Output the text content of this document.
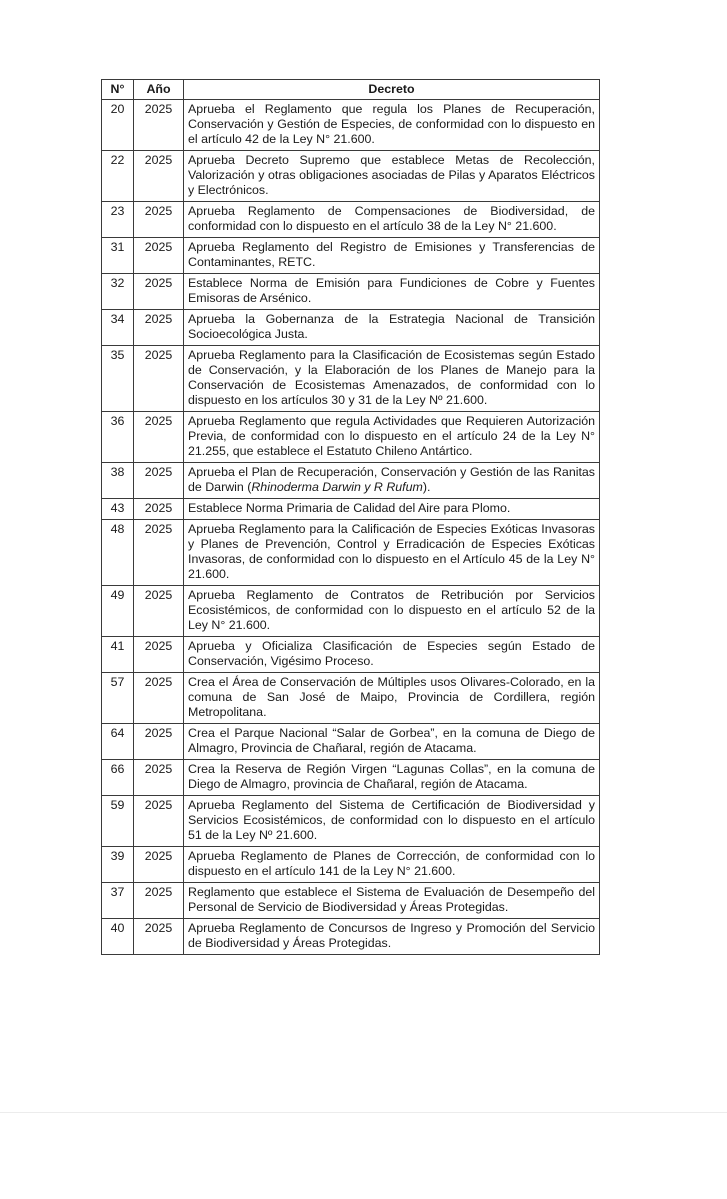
N°	Año	Decreto
20	2025	Aprueba el Reglamento que regula los Planes de Recuperación, Conservación y Gestión de Especies, de conformidad con lo dispuesto en el artículo 42 de la Ley N° 21.600.
22	2025	Aprueba Decreto Supremo que establece Metas de Recolección, Valorización y otras obligaciones asociadas de Pilas y Aparatos Eléctricos y Electrónicos.
23	2025	Aprueba Reglamento de Compensaciones de Biodiversidad, de conformidad con lo dispuesto en el artículo 38 de la Ley N° 21.600.
31	2025	Aprueba Reglamento del Registro de Emisiones y Transferencias de Contaminantes, RETC.
32	2025	Establece Norma de Emisión para Fundiciones de Cobre y Fuentes Emisoras de Arsénico.
34	2025	Aprueba la Gobernanza de la Estrategia Nacional de Transición Socioecológica Justa.
35	2025	Aprueba Reglamento para la Clasificación de Ecosistemas según Estado de Conservación, y la Elaboración de los Planes de Manejo para la Conservación de Ecosistemas Amenazados, de conformidad con lo dispuesto en los artículos 30 y 31 de la Ley Nº 21.600.
36	2025	Aprueba Reglamento que regula Actividades que Requieren Autorización Previa, de conformidad con lo dispuesto en el artículo 24 de la Ley N° 21.255, que establece el Estatuto Chileno Antártico.
38	2025	Aprueba el Plan de Recuperación, Conservación y Gestión de las Ranitas de Darwin (Rhinoderma Darwin y R Rufum).
43	2025	Establece Norma Primaria de Calidad del Aire para Plomo.
48	2025	Aprueba Reglamento para la Calificación de Especies Exóticas Invasoras y Planes de Prevención, Control y Erradicación de Especies Exóticas Invasoras, de conformidad con lo dispuesto en el Artículo 45 de la Ley N° 21.600.
49	2025	Aprueba Reglamento de Contratos de Retribución por Servicios Ecosistémicos, de conformidad con lo dispuesto en el artículo 52 de la Ley N° 21.600.
41	2025	Aprueba y Oficializa Clasificación de Especies según Estado de Conservación, Vigésimo Proceso.
57	2025	Crea el Área de Conservación de Múltiples usos Olivares-Colorado, en la comuna de San José de Maipo, Provincia de Cordillera, región Metropolitana.
64	2025	Crea el Parque Nacional “Salar de Gorbea”, en la comuna de Diego de Almagro, Provincia de Chañaral, región de Atacama.
66	2025	Crea la Reserva de Región Virgen “Lagunas Collas”, en la comuna de Diego de Almagro, provincia de Chañaral, región de Atacama.
59	2025	Aprueba Reglamento del Sistema de Certificación de Biodiversidad y Servicios Ecosistémicos, de conformidad con lo dispuesto en el artículo 51 de la Ley Nº 21.600.
39	2025	Aprueba Reglamento de Planes de Corrección, de conformidad con lo dispuesto en el artículo 141 de la Ley N° 21.600.
37	2025	Reglamento que establece el Sistema de Evaluación de Desempeño del Personal de Servicio de Biodiversidad y Áreas Protegidas.
40	2025	Aprueba Reglamento de Concursos de Ingreso y Promoción del Servicio de Biodiversidad y Áreas Protegidas.
